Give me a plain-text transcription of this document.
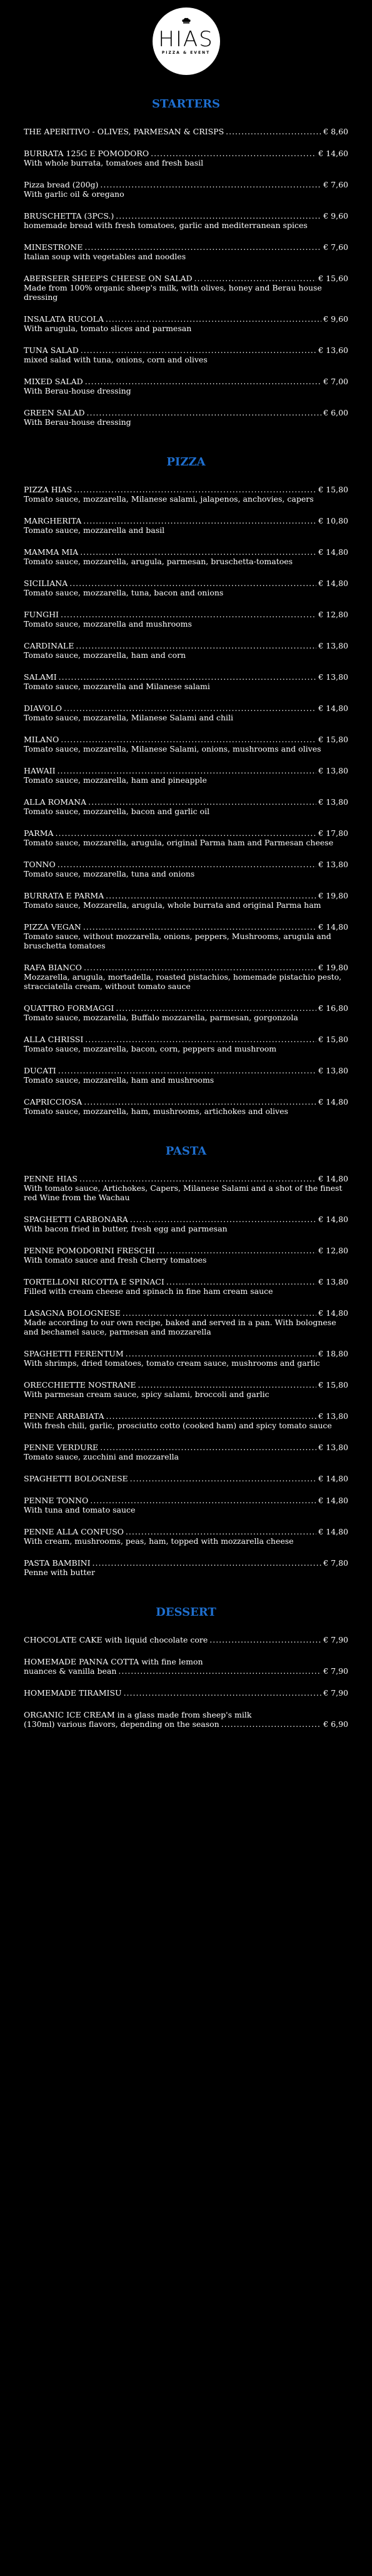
HIAS
PIZZA & EVENT
STARTERS
THE APERITIVO - OLIVES, PARMESAN & CRISPS .....	€ 8,60
BURRATA 125G E POMODORO .....	€ 14,60

With whole burrata, tomatoes and fresh basil

Pizza bread (200g) .....	€ 7,60

With garlic oil & oregano

BRUSCHETTA (3PCS.) .....	€ 9,60

homemade bread with fresh tomatoes, garlic and mediterranean spices

MINESTRONE .....	€ 7,60

Italian soup with vegetables and noodles

ABERSEER SHEEP'S CHEESE ON SALAD .....	€ 15,60

Made from 100% organic sheep's milk, with olives, honey and Berau house dressing

INSALATA RUCOLA .....	€ 9,60

With arugula, tomato slices and parmesan

TUNA SALAD .....	€ 13,60

mixed salad with tuna, onions, corn and olives

MIXED SALAD .....	€ 7,00

With Berau-house dressing

GREEN SALAD .....	€ 6,00

With Berau-house dressing

PIZZA
PIZZA HIAS .....	€ 15,80

Tomato sauce, mozzarella, Milanese salami, jalapenos, anchovies, capers

MARGHERITA .....	€ 10,80

Tomato sauce, mozzarella and basil

MAMMA MIA .....	€ 14,80

Tomato sauce, mozzarella, arugula, parmesan, bruschetta-tomatoes

SICILIANA .....	€ 14,80

Tomato sauce, mozzarella, tuna, bacon and onions

FUNGHI .....	€ 12,80

Tomato sauce, mozzarella and mushrooms

CARDINALE .....	€ 13,80

Tomato sauce, mozzarella, ham and corn

SALAMI .....	€ 13,80

Tomato sauce, mozzarella and Milanese salami

DIAVOLO .....	€ 14,80

Tomato sauce, mozzarella, Milanese Salami and chili

MILANO .....	€ 15,80

Tomato sauce, mozzarella, Milanese Salami, onions, mushrooms and olives

HAWAII .....	€ 13,80

Tomato sauce, mozzarella, ham and pineapple

ALLA ROMANA .....	€ 13,80

Tomato sauce, mozzarella, bacon and garlic oil

PARMA .....	€ 17,80

Tomato sauce, mozzarella, arugula, original Parma ham and Parmesan cheese

TONNO .....	€ 13,80

Tomato sauce, mozzarella, tuna and onions

BURRATA E PARMA .....	€ 19,80

Tomato sauce, Mozzarella, arugula, whole burrata and original Parma ham

PIZZA VEGAN .....	€ 14,80

Tomato sauce, without mozzarella, onions, peppers, Mushrooms, arugula and bruschetta tomatoes

RAFA BIANCO .....	€ 19,80

Mozzarella, arugula, mortadella, roasted pistachios, homemade pistachio pesto, stracciatella cream, without tomato sauce

QUATTRO FORMAGGI .....	€ 16,80

Tomato sauce, mozzarella, Buffalo mozzarella, parmesan, gorgonzola

ALLA CHRISSI .....	€ 15,80

Tomato sauce, mozzarella, bacon, corn, peppers and mushroom

DUCATI .....	€ 13,80

Tomato sauce, mozzarella, ham and mushrooms

CAPRICCIOSA .....	€ 14,80

Tomato sauce, mozzarella, ham, mushrooms, artichokes and olives

PASTA
PENNE HIAS .....	€ 14,80

With tomato sauce, Artichokes, Capers, Milanese Salami and a shot of the finest red Wine from the Wachau

SPAGHETTI CARBONARA .....	€ 14,80

With bacon fried in butter, fresh egg and parmesan

PENNE POMODORINI FRESCHI .....	€ 12,80

With tomato sauce and fresh Cherry tomatoes

TORTELLONI RICOTTA E SPINACI .....	€ 13,80

Filled with cream cheese and spinach in fine ham cream sauce

LASAGNA BOLOGNESE .....	€ 14,80

Made according to our own recipe, baked and served in a pan. With bolognese and bechamel sauce, parmesan and mozzarella

SPAGHETTI FERENTUM .....	€ 18,80

With shrimps, dried tomatoes, tomato cream sauce, mushrooms and garlic

ORECCHIETTE NOSTRANE .....	€ 15,80

With parmesan cream sauce, spicy salami, broccoli and garlic

PENNE ARRABIATA .....	€ 13,80

With fresh chili, garlic, prosciutto cotto (cooked ham) and spicy tomato sauce

PENNE VERDURE .....	€ 13,80

Tomato sauce, zucchini and mozzarella

SPAGHETTI BOLOGNESE .....	€ 14,80
PENNE TONNO .....	€ 14,80

With tuna and tomato sauce

PENNE ALLA CONFUSO .....	€ 14,80

With cream, mushrooms, peas, ham, topped with mozzarella cheese

PASTA BAMBINI .....	€ 7,80

Penne with butter

DESSERT
CHOCOLATE CAKE with liquid chocolate core .....	€ 7,90
HOMEMADE PANNA COTTA with fine lemon
nuances & vanilla bean .....	€ 7,90
HOMEMADE TIRAMISU .....	€ 7,90
ORGANIC ICE CREAM in a glass made from sheep's milk
(130ml) various flavors, depending on the season .....	€ 6,90
